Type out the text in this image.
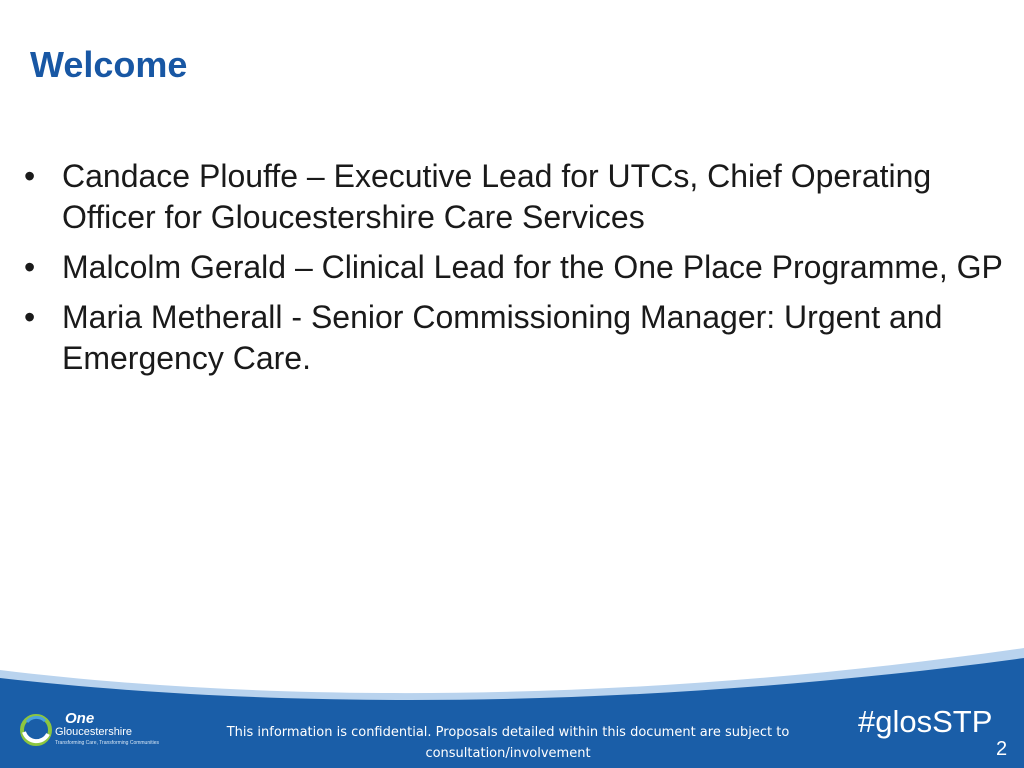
Welcome
• Candace Plouffe – Executive Lead for UTCs, Chief Operating Officer for Gloucestershire Care Services
• Malcolm Gerald – Clinical Lead for the One Place Programme, GP
• Maria Metherall - Senior Commissioning Manager: Urgent and Emergency Care.
One
Gloucestershire
Transforming Care, Transforming Communities
This information is confidential. Proposals detailed within this document are subject to
consultation/involvement
#glosSTP
2
